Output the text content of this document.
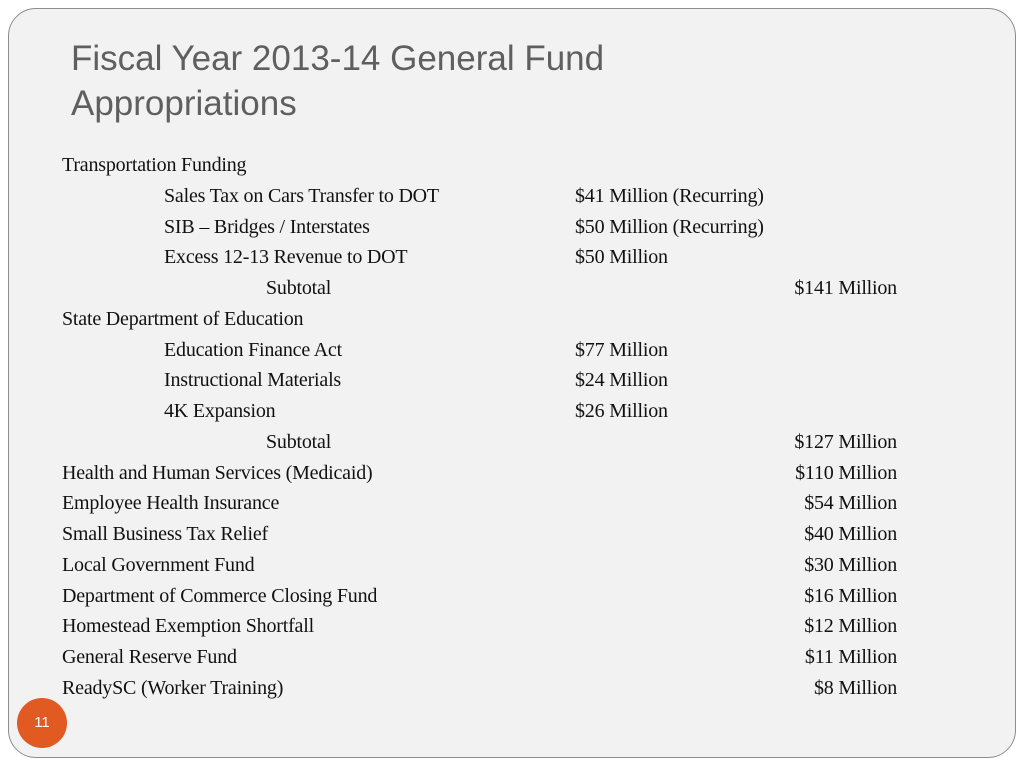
Fiscal Year 2013-14 General Fund
Appropriations
Transportation Funding
Sales Tax on Cars Transfer to DOT	$41 Million (Recurring)
SIB – Bridges / Interstates	$50 Million (Recurring)
Excess 12-13 Revenue to DOT	$50 Million
Subtotal	$141 Million
State Department of Education
Education Finance Act	$77 Million
Instructional Materials	$24 Million
4K Expansion	$26 Million
Subtotal	$127 Million
Health and Human Services (Medicaid)	$110 Million
Employee Health Insurance	$54 Million
Small Business Tax Relief	$40 Million
Local Government Fund	$30 Million
Department of Commerce Closing Fund	$16 Million
Homestead Exemption Shortfall	$12 Million
General Reserve Fund	$11 Million
ReadySC (Worker Training)	$8 Million
11
